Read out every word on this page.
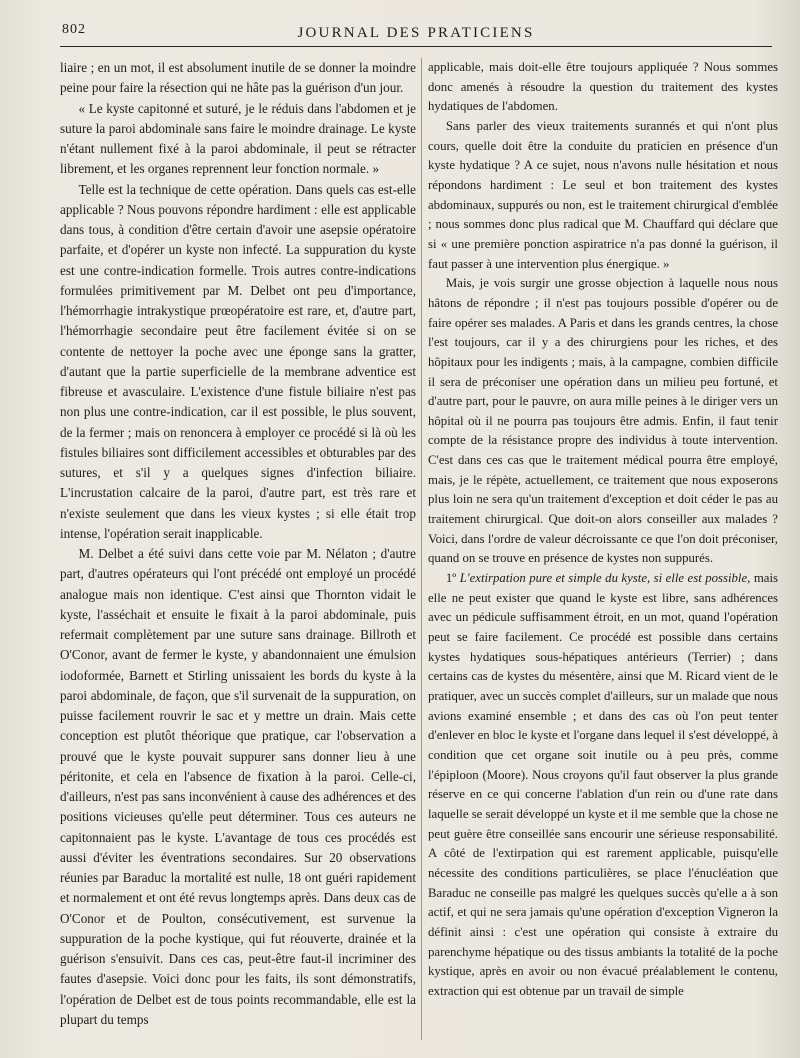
802	JOURNAL DES PRATICIENS

liaire ; en un mot, il est absolument inutile de se donner la moindre peine pour faire la résection qui ne hâte pas la guérison d'un jour.

« Le kyste capitonné et suturé, je le réduis dans l'abdomen et je suture la paroi abdominale sans faire le moindre drainage. Le kyste n'étant nullement fixé à la paroi abdominale, il peut se rétracter librement, et les organes reprennent leur fonction normale. »

Telle est la technique de cette opération. Dans quels cas est-elle applicable ? Nous pouvons répondre hardiment : elle est applicable dans tous, à condition d'être certain d'avoir une asepsie opératoire parfaite, et d'opérer un kyste non infecté. La suppuration du kyste est une contre-indication formelle. Trois autres contre-indications formulées primitivement par M. Delbet ont peu d'importance, l'hémorrhagie intrakystique prœopératoire est rare, et, d'autre part, l'hémorrhagie secondaire peut être facilement évitée si on se contente de nettoyer la poche avec une éponge sans la gratter, d'autant que la partie superficielle de la membrane adventice est fibreuse et avasculaire. L'existence d'une fistule biliaire n'est pas non plus une contre-indication, car il est possible, le plus souvent, de la fermer ; mais on renoncera à employer ce procédé si là où les fistules biliaires sont difficilement accessibles et obturables par des sutures, et s'il y a quelques signes d'infection biliaire. L'incrustation calcaire de la paroi, d'autre part, est très rare et n'existe seulement que dans les vieux kystes ; si elle était trop intense, l'opération serait inapplicable.

M. Delbet a été suivi dans cette voie par M. Nélaton ; d'autre part, d'autres opérateurs qui l'ont précédé ont employé un procédé analogue mais non identique. C'est ainsi que Thornton vidait le kyste, l'asséchait et ensuite le fixait à la paroi abdominale, puis refermait complètement par une suture sans drainage. Billroth et O'Conor, avant de fermer le kyste, y abandonnaient une émulsion iodoformée, Barnett et Stirling unissaient les bords du kyste à la paroi abdominale, de façon, que s'il survenait de la suppuration, on puisse facilement rouvrir le sac et y mettre un drain. Mais cette conception est plutôt théorique que pratique, car l'observation a prouvé que le kyste pouvait suppurer sans donner lieu à une péritonite, et cela en l'absence de fixation à la paroi. Celle-ci, d'ailleurs, n'est pas sans inconvénient à cause des adhérences et des positions vicieuses qu'elle peut déterminer. Tous ces auteurs ne capitonnaient pas le kyste. L'avantage de tous ces procédés est aussi d'éviter les éventrations secondaires. Sur 20 observations réunies par Baraduc la mortalité est nulle, 18 ont guéri rapidement et normalement et ont été revus longtemps après. Dans deux cas de O'Conor et de Poulton, consécutivement, est survenue la suppuration de la poche kystique, qui fut réouverte, drainée et la guérison s'ensuivit. Dans ces cas, peut-être faut-il incriminer des fautes d'asepsie. Voici donc pour les faits, ils sont démonstratifs, l'opération de Delbet est de tous points recommandable, elle est la plupart du temps

applicable, mais doit-elle être toujours appliquée ? Nous sommes donc amenés à résoudre la question du traitement des kystes hydatiques de l'abdomen.

Sans parler des vieux traitements surannés et qui n'ont plus cours, quelle doit être la conduite du praticien en présence d'un kyste hydatique ? A ce sujet, nous n'avons nulle hésitation et nous répondons hardiment : Le seul et bon traitement des kystes abdominaux, suppurés ou non, est le traitement chirurgical d'emblée ; nous sommes donc plus radical que M. Chauffard qui déclare que si « une première ponction aspiratrice n'a pas donné la guérison, il faut passer à une intervention plus énergique. »

Mais, je vois surgir une grosse objection à laquelle nous nous hâtons de répondre ; il n'est pas toujours possible d'opérer ou de faire opérer ses malades. A Paris et dans les grands centres, la chose l'est toujours, car il y a des chirurgiens pour les riches, et des hôpitaux pour les indigents ; mais, à la campagne, combien difficile il sera de préconiser une opération dans un milieu peu fortuné, et d'autre part, pour le pauvre, on aura mille peines à le diriger vers un hôpital où il ne pourra pas toujours être admis. Enfin, il faut tenir compte de la résistance propre des individus à toute intervention. C'est dans ces cas que le traitement médical pourra être employé, mais, je le répète, actuellement, ce traitement que nous exposerons plus loin ne sera qu'un traitement d'exception et doit céder le pas au traitement chirurgical. Que doit-on alors conseiller aux malades ? Voici, dans l'ordre de valeur décroissante ce que l'on doit préconiser, quand on se trouve en présence de kystes non suppurés.

1º L'extirpation pure et simple du kyste, si elle est possible, mais elle ne peut exister que quand le kyste est libre, sans adhérences avec un pédicule suffisamment étroit, en un mot, quand l'opération peut se faire facilement. Ce procédé est possible dans certains kystes hydatiques sous-hépatiques antérieurs (Terrier) ; dans certains cas de kystes du mésentère, ainsi que M. Ricard vient de le pratiquer, avec un succès complet d'ailleurs, sur un malade que nous avions examiné ensemble ; et dans des cas où l'on peut tenter d'enlever en bloc le kyste et l'organe dans lequel il s'est développé, à condition que cet organe soit inutile ou à peu près, comme l'épiploon (Moore). Nous croyons qu'il faut observer la plus grande réserve en ce qui concerne l'ablation d'un rein ou d'une rate dans laquelle se serait développé un kyste et il me semble que la chose ne peut guère être conseillée sans encourir une sérieuse responsabilité. A côté de l'extirpation qui est rarement applicable, puisqu'elle nécessite des conditions particulières, se place l'énucléation que Baraduc ne conseille pas malgré les quelques succès qu'elle a à son actif, et qui ne sera jamais qu'une opération d'exception Vigneron la définit ainsi : c'est une opération qui consiste à extraire du parenchyme hépatique ou des tissus ambiants la totalité de la poche kystique, après en avoir ou non évacué préalablement le contenu, extraction qui est obtenue par un travail de simple
